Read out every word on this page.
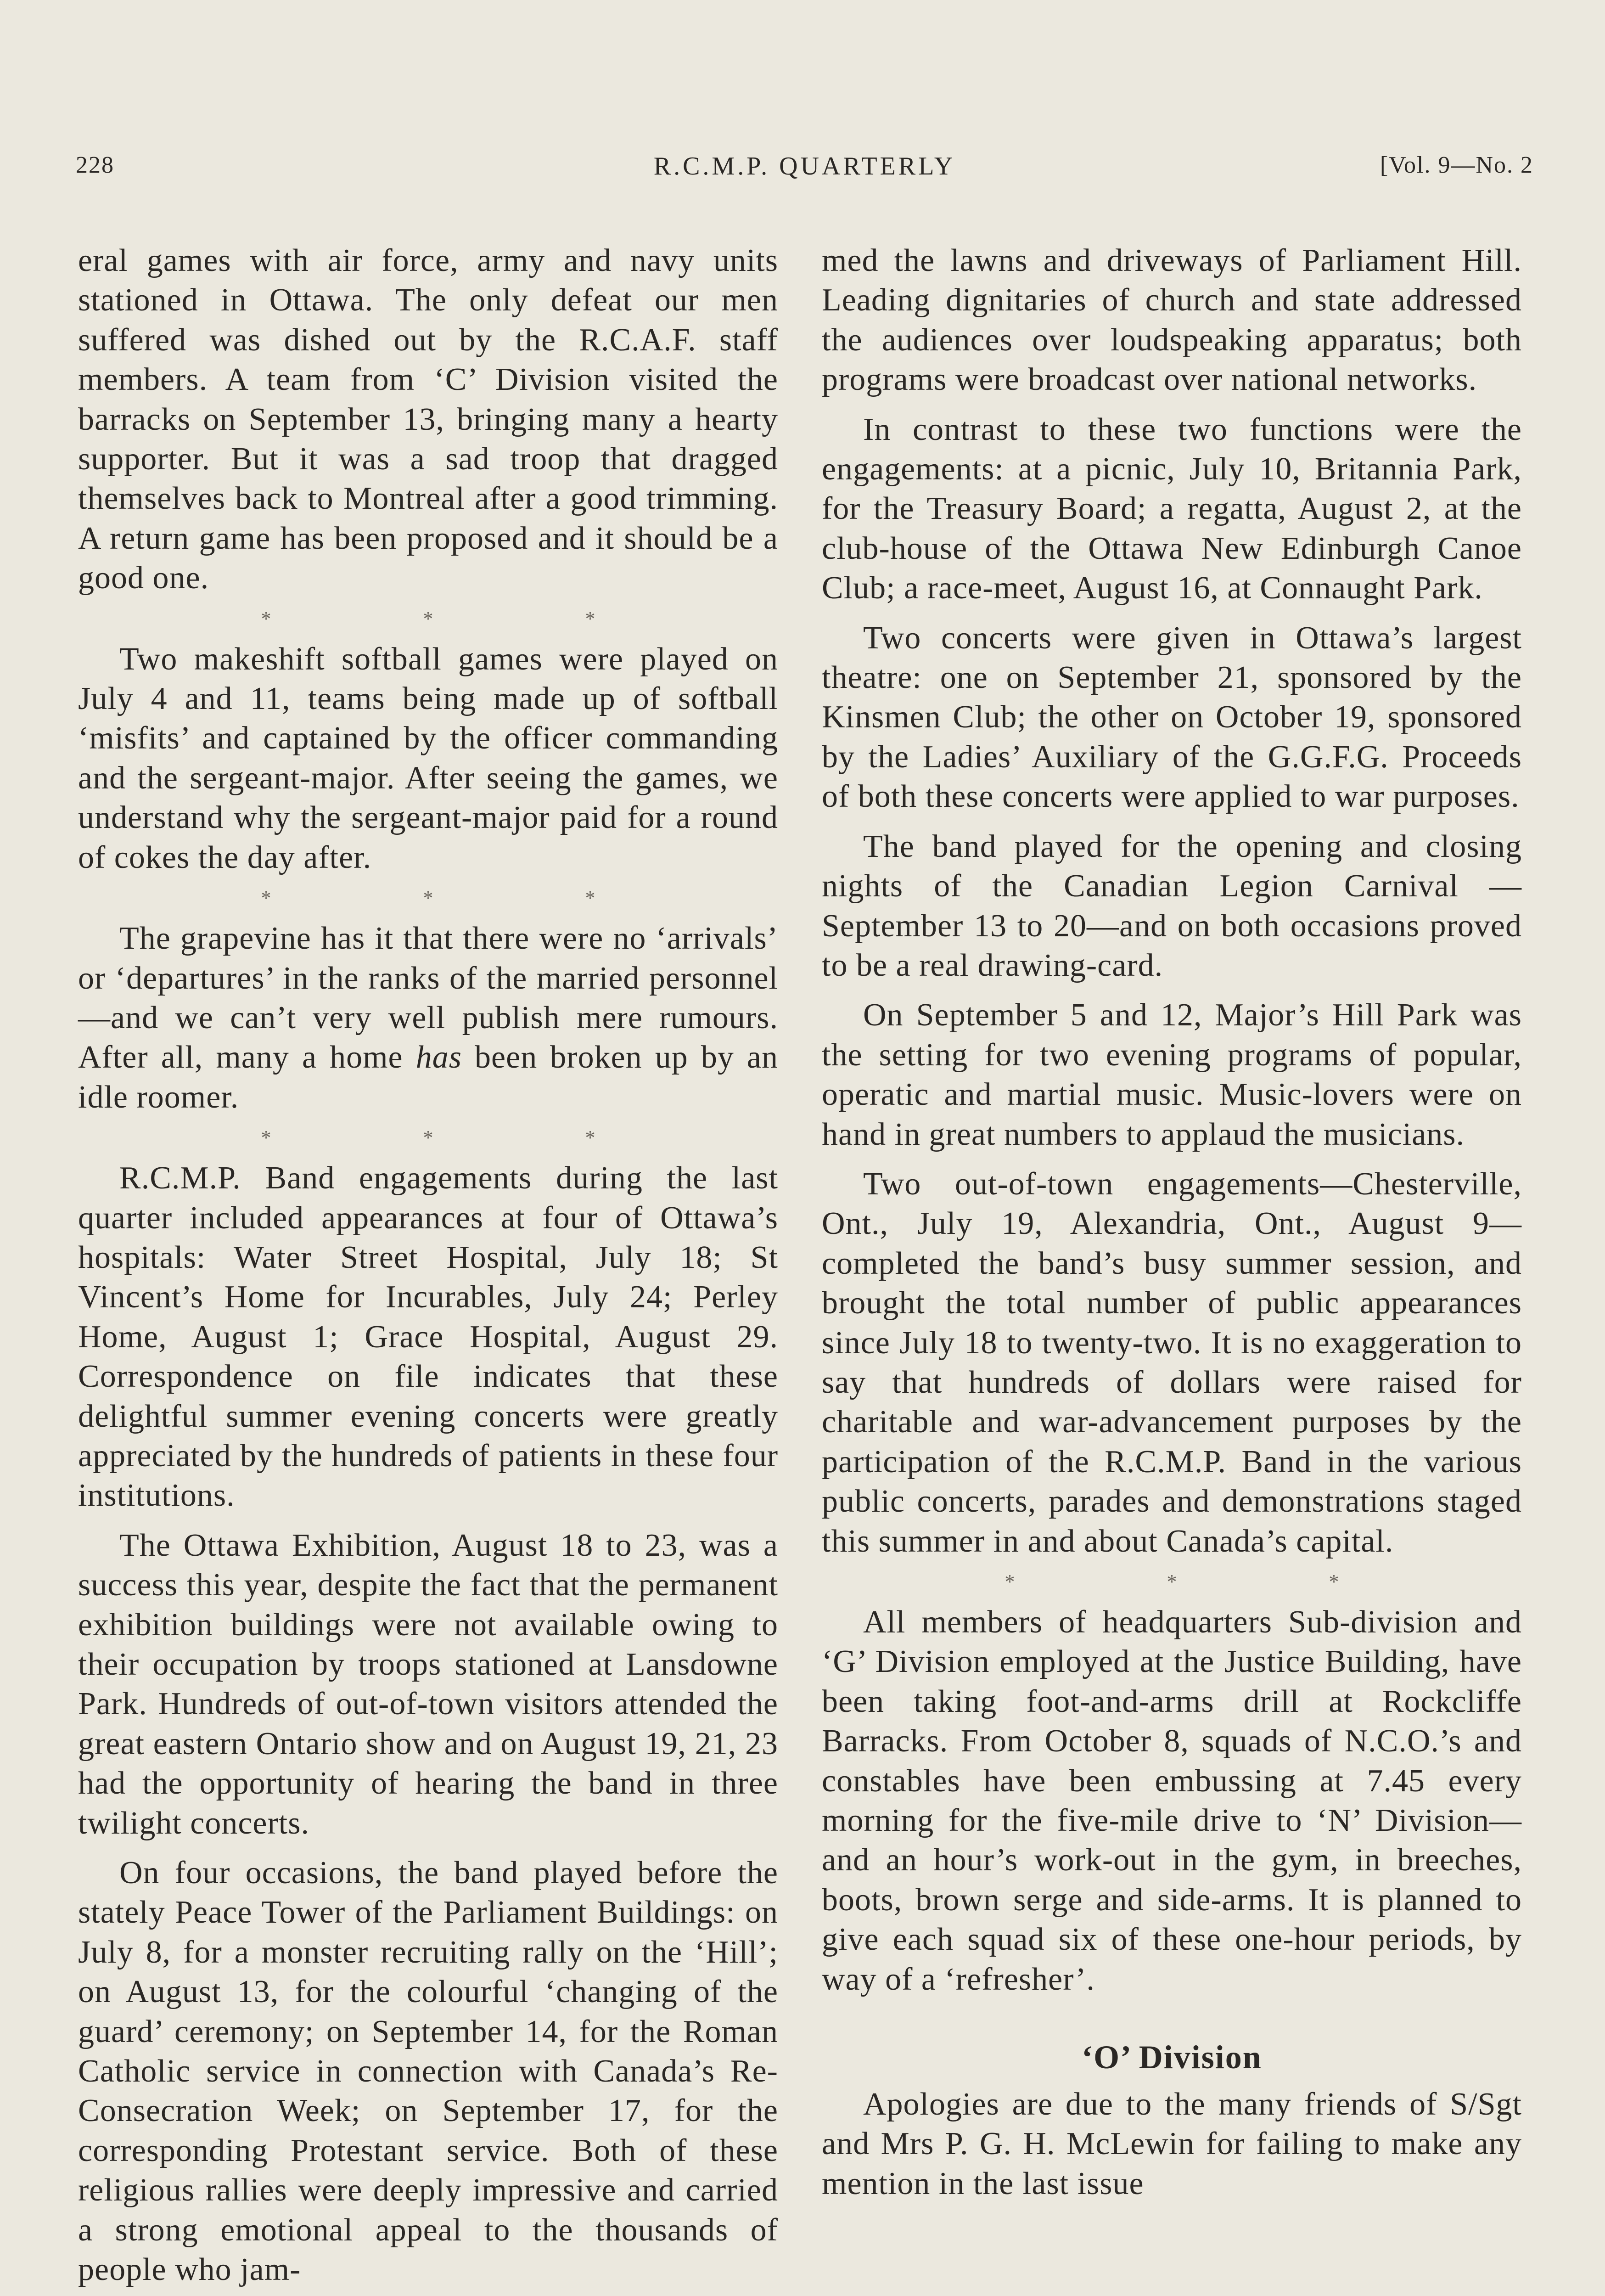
228	R.C.M.P. QUARTERLY	[Vol. 9—No. 2

eral games with air force, army and navy units stationed in Ottawa. The only defeat our men suffered was dished out by the R.C.A.F. staff members. A team from ‘C’ Division visited the barracks on September 13, bringing many a hearty supporter. But it was a sad troop that dragged themselves back to Montreal after a good trimming. A return game has been proposed and it should be a good one.

* * *

Two makeshift softball games were played on July 4 and 11, teams being made up of softball ‘misfits’ and captained by the officer commanding and the sergeant-major. After seeing the games, we understand why the sergeant-major paid for a round of cokes the day after.

* * *

The grapevine has it that there were no ‘arrivals’ or ‘departures’ in the ranks of the married personnel—and we can’t very well publish mere rumours. After all, many a home has been broken up by an idle roomer.

* * *

R.C.M.P. Band engagements during the last quarter included appearances at four of Ottawa’s hospitals: Water Street Hospital, July 18; St Vincent’s Home for Incurables, July 24; Perley Home, August 1; Grace Hospital, August 29. Correspondence on file indicates that these delightful summer evening concerts were greatly appreciated by the hundreds of patients in these four institutions.

The Ottawa Exhibition, August 18 to 23, was a success this year, despite the fact that the permanent exhibition buildings were not available owing to their occupation by troops stationed at Lansdowne Park. Hundreds of out-of-town visitors attended the great eastern Ontario show and on August 19, 21, 23 had the opportunity of hearing the band in three twilight concerts.

On four occasions, the band played before the stately Peace Tower of the Parliament Buildings: on July 8, for a monster recruiting rally on the ‘Hill’; on August 13, for the colourful ‘changing of the guard’ ceremony; on September 14, for the Roman Catholic service in connection with Canada’s Re-Consecration Week; on September 17, for the corresponding Protestant service. Both of these religious rallies were deeply impressive and carried a strong emotional appeal to the thousands of people who jam-

med the lawns and driveways of Parliament Hill. Leading dignitaries of church and state addressed the audiences over loudspeaking apparatus; both programs were broadcast over national networks.

In contrast to these two functions were the engagements: at a picnic, July 10, Britannia Park, for the Treasury Board; a regatta, August 2, at the club-house of the Ottawa New Edinburgh Canoe Club; a race-meet, August 16, at Connaught Park.

Two concerts were given in Ottawa’s largest theatre: one on September 21, sponsored by the Kinsmen Club; the other on October 19, sponsored by the Ladies’ Auxiliary of the G.G.F.G. Proceeds of both these concerts were applied to war purposes.

The band played for the opening and closing nights of the Canadian Legion Carnival —September 13 to 20—and on both occasions proved to be a real drawing-card.

On September 5 and 12, Major’s Hill Park was the setting for two evening programs of popular, operatic and martial music. Music-lovers were on hand in great numbers to applaud the musicians.

Two out-of-town engagements—Chesterville, Ont., July 19, Alexandria, Ont., August 9—completed the band’s busy summer session, and brought the total number of public appearances since July 18 to twenty-two. It is no exaggeration to say that hundreds of dollars were raised for charitable and war-advancement purposes by the participation of the R.C.M.P. Band in the various public concerts, parades and demonstrations staged this summer in and about Canada’s capital.

* * *

All members of headquarters Sub-division and ‘G’ Division employed at the Justice Building, have been taking foot-and-arms drill at Rockcliffe Barracks. From October 8, squads of N.C.O.’s and constables have been embussing at 7.45 every morning for the five-mile drive to ‘N’ Division—and an hour’s work-out in the gym, in breeches, boots, brown serge and side-arms. It is planned to give each squad six of these one-hour periods, by way of a ‘refresher’.

‘O’ Division

Apologies are due to the many friends of S/Sgt and Mrs P. G. H. McLewin for failing to make any mention in the last issue
